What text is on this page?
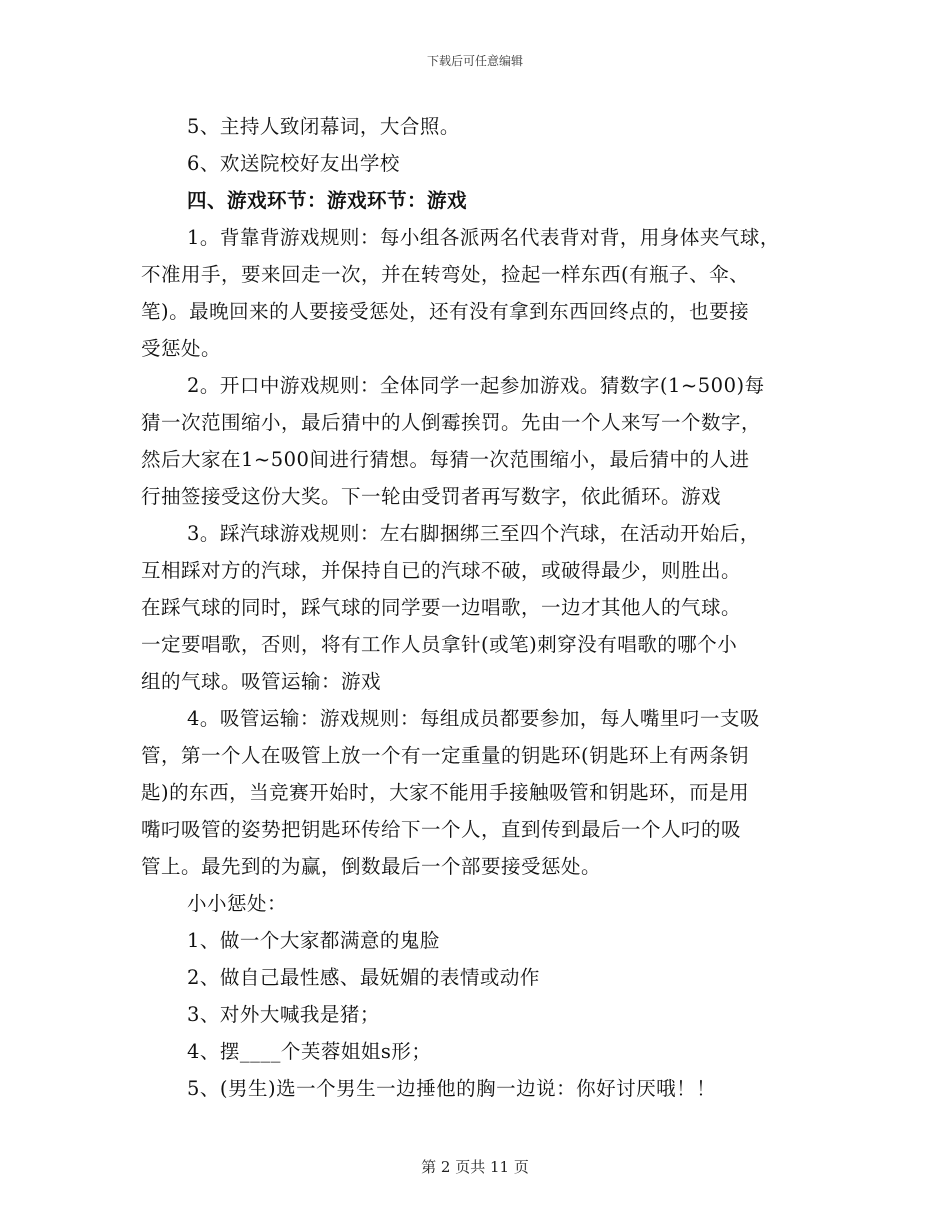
下载后可任意编辑
5、主持人致闭幕词，大合照。
6、欢送院校好友出学校
四、游戏环节：游戏环节：游戏
1。背靠背游戏规则：每小组各派两名代表背对背，用身体夹气球，
不准用手，要来回走一次，并在转弯处，捡起一样东西(有瓶子、伞、
笔)。最晚回来的人要接受惩处，还有没有拿到东西回终点的，也要接
受惩处。
2。开口中游戏规则：全体同学一起参加游戏。猜数字(1~500)每
猜一次范围缩小，最后猜中的人倒霉挨罚。先由一个人来写一个数字，
然后大家在1~500间进行猜想。每猜一次范围缩小，最后猜中的人进
行抽签接受这份大奖。下一轮由受罚者再写数字，依此循环。游戏
3。踩汽球游戏规则：左右脚捆绑三至四个汽球，在活动开始后，
互相踩对方的汽球，并保持自已的汽球不破，或破得最少，则胜出。
在踩气球的同时，踩气球的同学要一边唱歌，一边才其他人的气球。
一定要唱歌，否则，将有工作人员拿针(或笔)刺穿没有唱歌的哪个小
组的气球。吸管运输：游戏
4。吸管运输：游戏规则：每组成员都要参加，每人嘴里叼一支吸
管，第一个人在吸管上放一个有一定重量的钥匙环(钥匙环上有两条钥
匙)的东西，当竞赛开始时，大家不能用手接触吸管和钥匙环，而是用
嘴叼吸管的姿势把钥匙环传给下一个人，直到传到最后一个人叼的吸
管上。最先到的为赢，倒数最后一个部要接受惩处。
小小惩处：
1、做一个大家都满意的鬼脸
2、做自己最性感、最妩媚的表情或动作
3、对外大喊我是猪；
4、摆____个芙蓉姐姐s形；
5、(男生)选一个男生一边捶他的胸一边说：你好讨厌哦！！
第 2 页共 11 页
